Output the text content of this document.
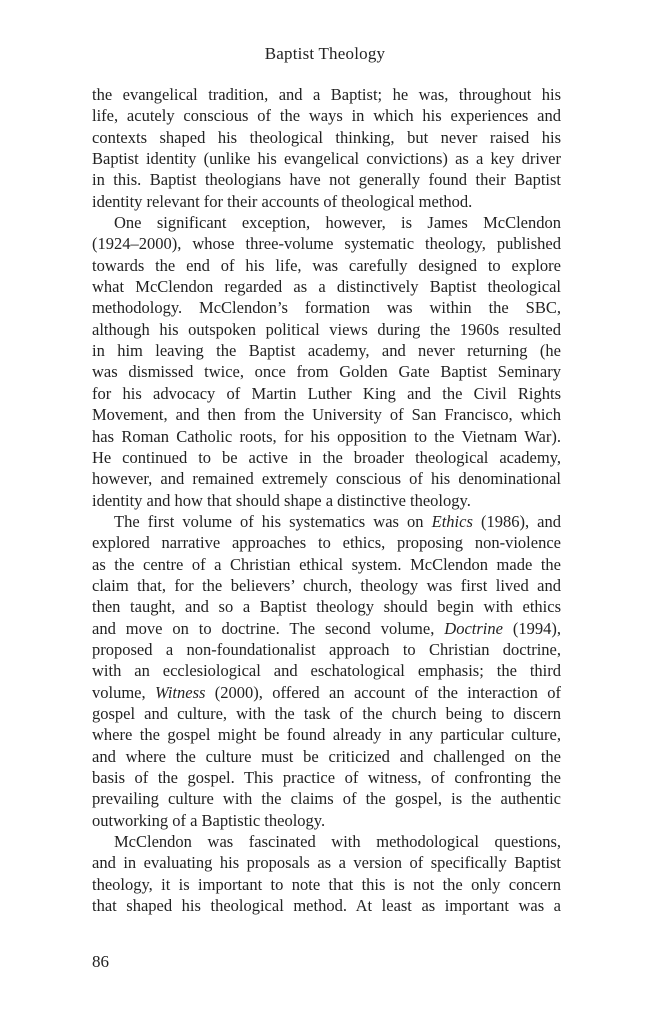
Baptist Theology
the evangelical tradition, and a Baptist; he was, throughout his
life, acutely conscious of the ways in which his experiences and
contexts shaped his theological thinking, but never raised his
Baptist identity (unlike his evangelical convictions) as a key driver
in this. Baptist theologians have not generally found their Baptist
identity relevant for their accounts of theological method.
One significant exception, however, is James McClendon
(1924–2000), whose three-volume systematic theology, published
towards the end of his life, was carefully designed to explore
what McClendon regarded as a distinctively Baptist theological
methodology. McClendon’s formation was within the SBC,
although his outspoken political views during the 1960s resulted
in him leaving the Baptist academy, and never returning (he
was dismissed twice, once from Golden Gate Baptist Seminary
for his advocacy of Martin Luther King and the Civil Rights
Movement, and then from the University of San Francisco, which
has Roman Catholic roots, for his opposition to the Vietnam War).
He continued to be active in the broader theological academy,
however, and remained extremely conscious of his denominational
identity and how that should shape a distinctive theology.
The first volume of his systematics was on Ethics (1986), and
explored narrative approaches to ethics, proposing non-violence
as the centre of a Christian ethical system. McClendon made the
claim that, for the believers’ church, theology was first lived and
then taught, and so a Baptist theology should begin with ethics
and move on to doctrine. The second volume, Doctrine (1994),
proposed a non-foundationalist approach to Christian doctrine,
with an ecclesiological and eschatological emphasis; the third
volume, Witness (2000), offered an account of the interaction of
gospel and culture, with the task of the church being to discern
where the gospel might be found already in any particular culture,
and where the culture must be criticized and challenged on the
basis of the gospel. This practice of witness, of confronting the
prevailing culture with the claims of the gospel, is the authentic
outworking of a Baptistic theology.
McClendon was fascinated with methodological questions,
and in evaluating his proposals as a version of specifically Baptist
theology, it is important to note that this is not the only concern
that shaped his theological method. At least as important was a
86
